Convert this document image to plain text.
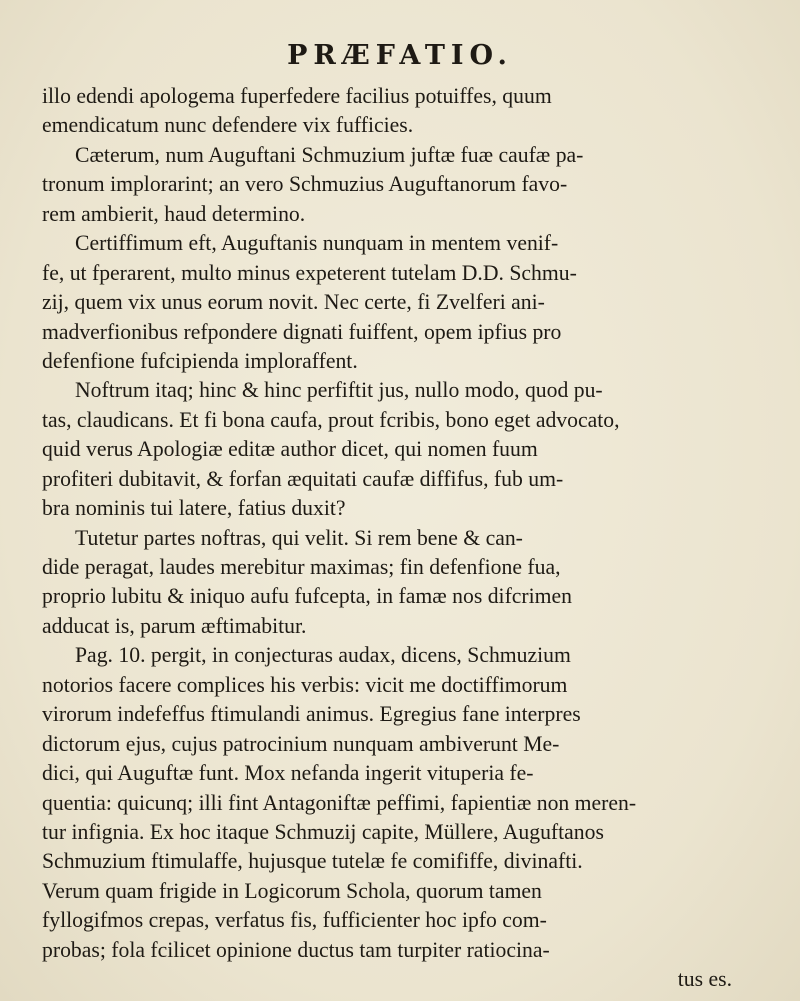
PRÆFATIO.
illo edendi apologema fuperfedere facilius potuiffes, quum
emendicatum nunc defendere vix fufficies.
Cæterum, num Auguftani Schmuzium juftæ fuæ caufæ pa-
tronum implorarint; an vero Schmuzius Auguftanorum favo-
rem ambierit, haud determino.
Certiffimum eft, Auguftanis nunquam in mentem venif-
fe, ut fperarent, multo minus expeterent tutelam D.D. Schmu-
zij, quem vix unus eorum novit. Nec certe, fi Zvelferi ani-
madverfionibus refpondere dignati fuiffent, opem ipfius pro
defenfione fufcipienda imploraffent.
Noftrum itaq; hinc & hinc perfiftit jus, nullo modo, quod pu-
tas, claudicans. Et fi bona caufa, prout fcribis, bono eget advocato,
quid verus Apologiæ editæ author dicet, qui nomen fuum
profiteri dubitavit, & forfan æquitati caufæ diffifus, fub um-
bra nominis tui latere, fatius duxit?
Tutetur partes noftras, qui velit. Si rem bene & can-
dide peragat, laudes merebitur maximas; fin defenfione fua,
proprio lubitu & iniquo aufu fufcepta, in famæ nos difcrimen
adducat is, parum æftimabitur.
Pag. 10. pergit, in conjecturas audax, dicens, Schmuzium
notorios facere complices his verbis: vicit me doctiffimorum
virorum indefeffus ftimulandi animus. Egregius fane interpres
dictorum ejus, cujus patrocinium nunquam ambiverunt Me-
dici, qui Auguftæ funt. Mox nefanda ingerit vituperia fe-
quentia: quicunq; illi fint Antagoniftæ peffimi, fapientiæ non meren-
tur infignia. Ex hoc itaque Schmuzij capite, Müllere, Auguftanos
Schmuzium ftimulaffe, hujusque tutelæ fe comififfe, divinafti.
Verum quam frigide in Logicorum Schola, quorum tamen
fyllogifmos crepas, verfatus fis, fufficienter hoc ipfo com-
probas; fola fcilicet opinione ductus tam turpiter ratiocina-
tus es.
